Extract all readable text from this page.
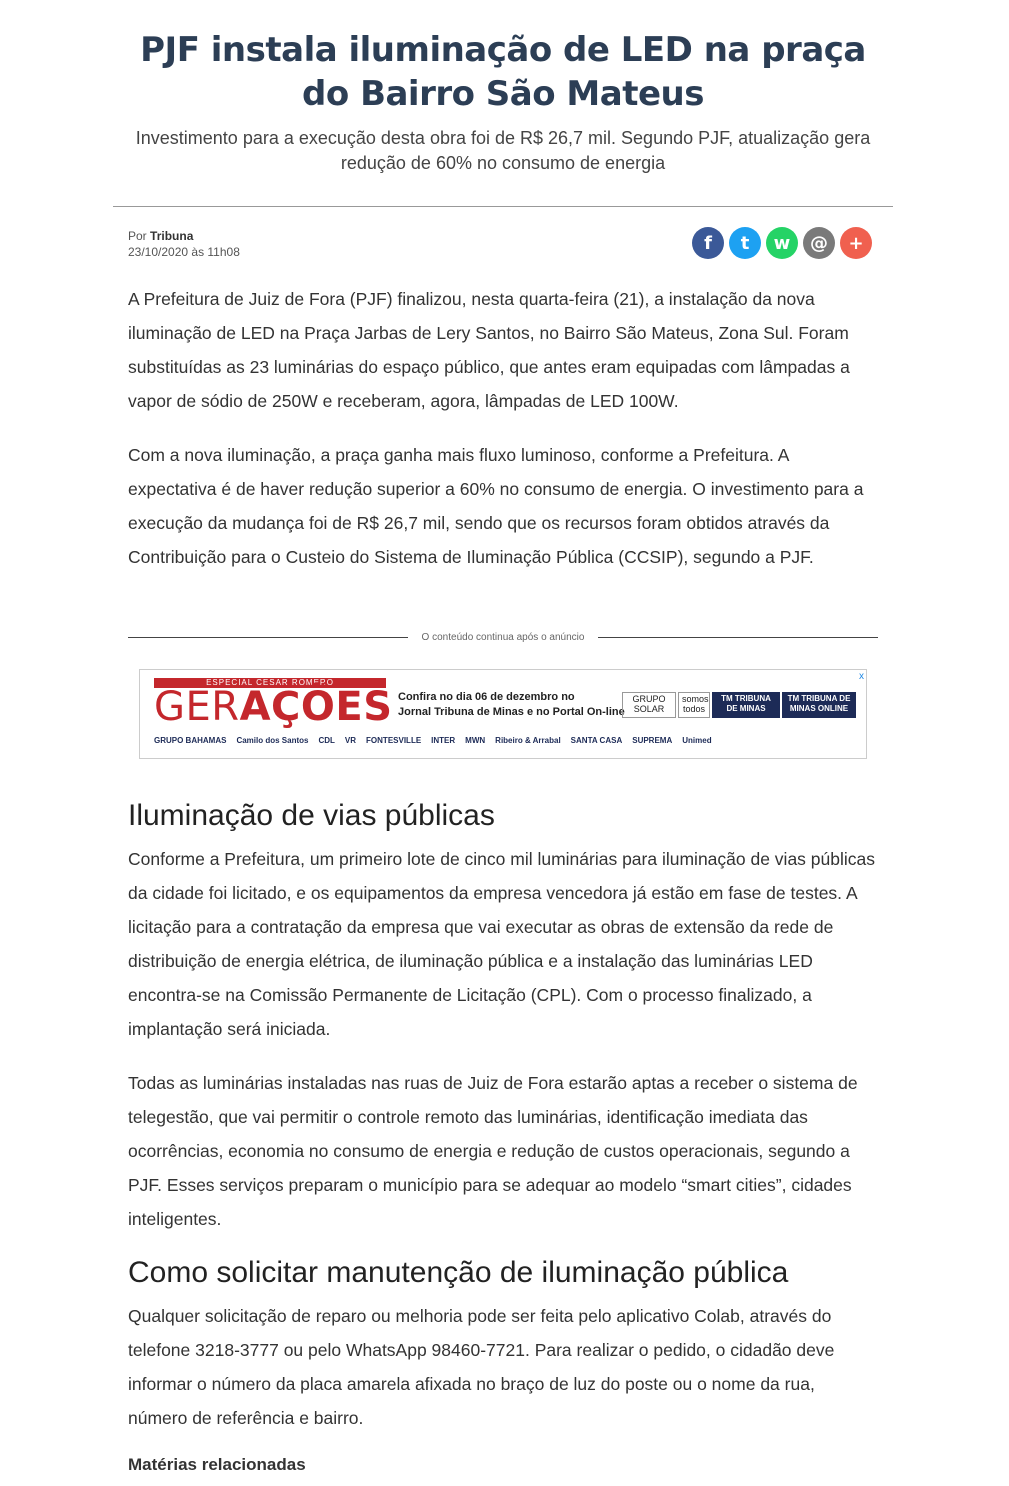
PJF instala iluminação de LED na praça do Bairro São Mateus

Investimento para a execução desta obra foi de R$ 26,7 mil. Segundo PJF, atualização gera redução de 60% no consumo de energia

Por Tribuna
23/10/2020 às 11h08	f t w @ +

A Prefeitura de Juiz de Fora (PJF) finalizou, nesta quarta-feira (21), a instalação da nova iluminação de LED na Praça Jarbas de Lery Santos, no Bairro São Mateus, Zona Sul. Foram substituídas as 23 luminárias do espaço público, que antes eram equipadas com lâmpadas a vapor de sódio de 250W e receberam, agora, lâmpadas de LED 100W.

Com a nova iluminação, a praça ganha mais fluxo luminoso, conforme a Prefeitura. A expectativa é de haver redução superior a 60% no consumo de energia. O investimento para a execução da mudança foi de R$ 26,7 mil, sendo que os recursos foram obtidos através da Contribuição para o Custeio do Sistema de Iluminação Pública (CCSIP), segundo a PJF.

O conteúdo continua após o anúncio
ESPECIAL CESAR ROMERO
GERAÇÕES Confira no dia 06 de dezembro no
Jornal Tribuna de Minas e no Portal On-line
GRUPO SOLAR
somos todos
TM TRIBUNA DE MINAS
TM TRIBUNA DE MINAS ONLINE
GRUPO BAHAMAS Camilo dos Santos CDL VR FONTESVILLE INTER MWN Ribeiro & Arrabal SANTA CASA SUPREMA Unimed
x
Iluminação de vias públicas

Conforme a Prefeitura, um primeiro lote de cinco mil luminárias para iluminação de vias públicas da cidade foi licitado, e os equipamentos da empresa vencedora já estão em fase de testes. A licitação para a contratação da empresa que vai executar as obras de extensão da rede de distribuição de energia elétrica, de iluminação pública e a instalação das luminárias LED encontra-se na Comissão Permanente de Licitação (CPL). Com o processo finalizado, a implantação será iniciada.

Todas as luminárias instaladas nas ruas de Juiz de Fora estarão aptas a receber o sistema de telegestão, que vai permitir o controle remoto das luminárias, identificação imediata das ocorrências, economia no consumo de energia e redução de custos operacionais, segundo a PJF. Esses serviços preparam o município para se adequar ao modelo “smart cities”, cidades inteligentes.

Como solicitar manutenção de iluminação pública

Qualquer solicitação de reparo ou melhoria pode ser feita pelo aplicativo Colab, através do telefone 3218-3777 ou pelo WhatsApp 98460-7721. Para realizar o pedido, o cidadão deve informar o número da placa amarela afixada no braço de luz do poste ou o nome da rua, número de referência e bairro.

Matérias relacionadas
